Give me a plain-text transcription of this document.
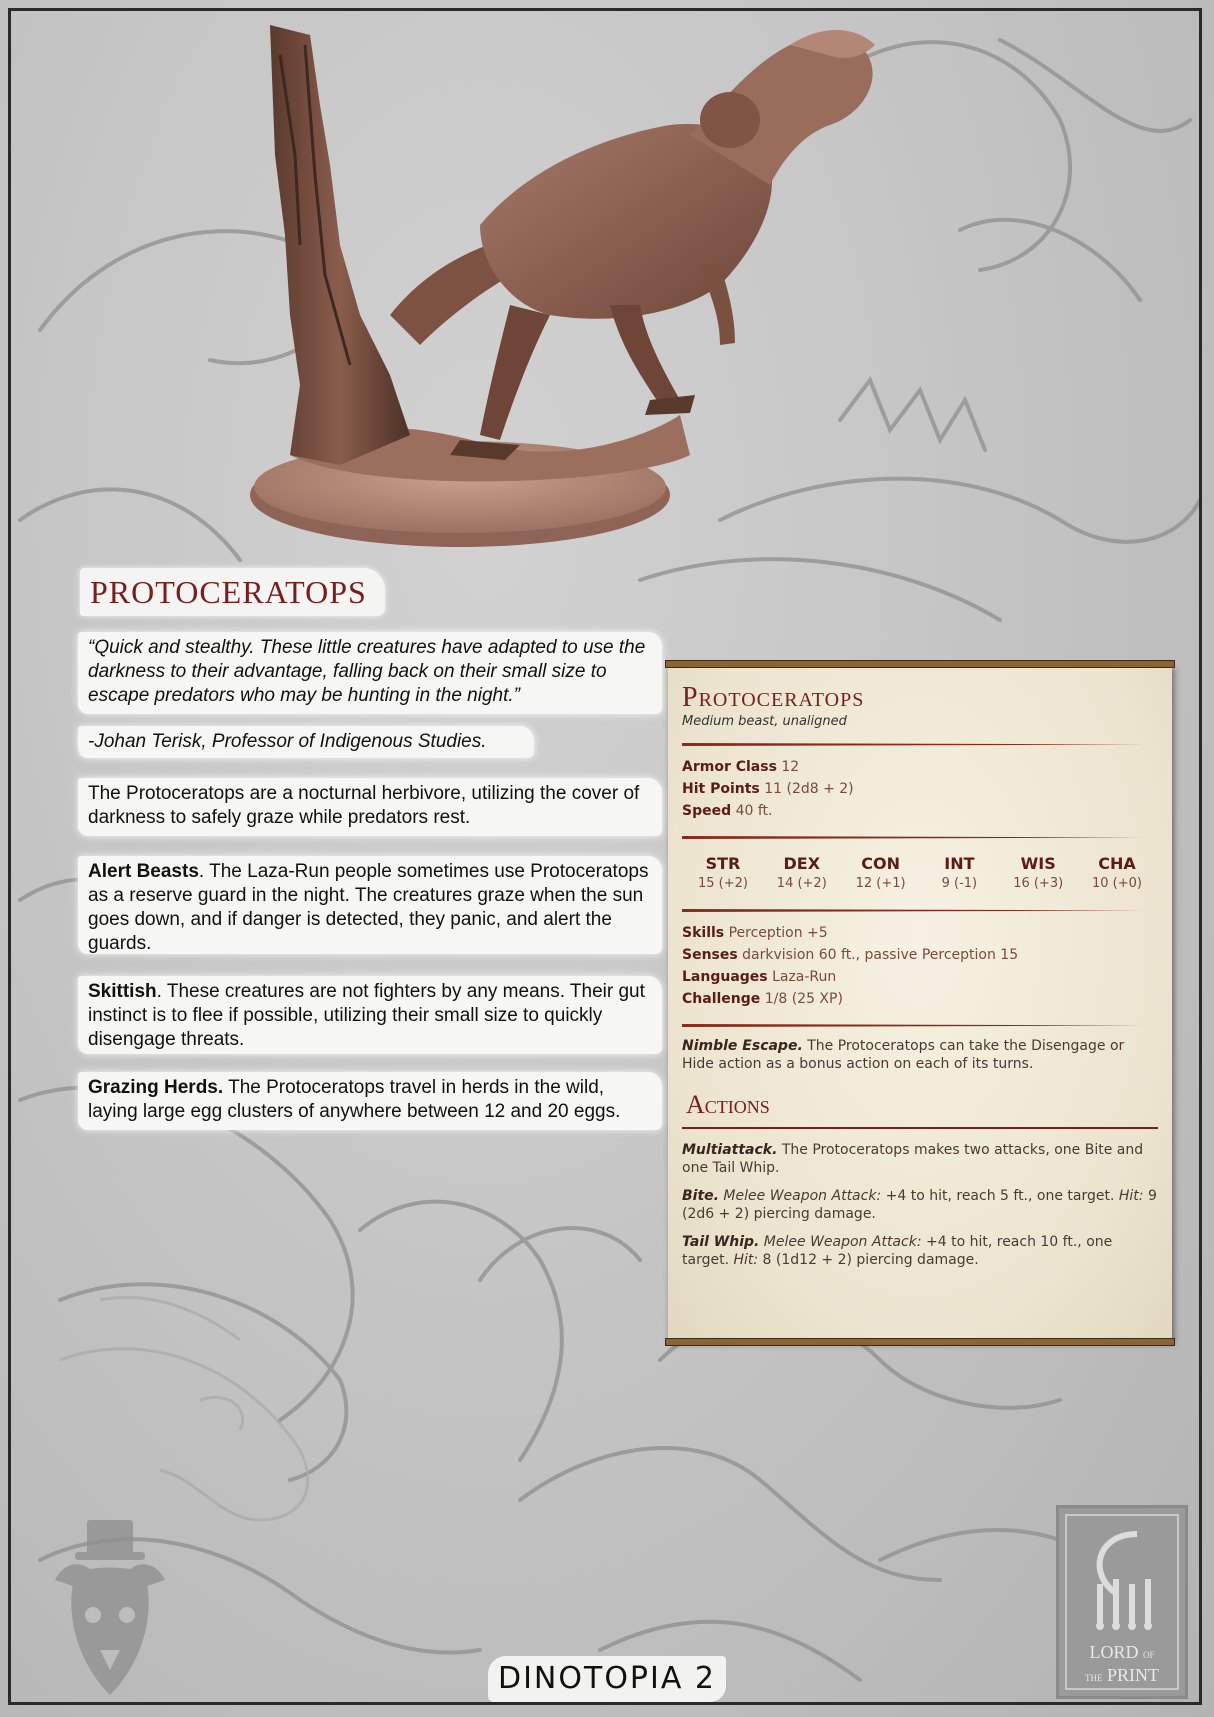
PROTOCERATOPS
“Quick and stealthy. These little creatures have adapted to use the darkness to their advantage, falling back on their small size to escape predators who may be hunting in the night.”
-Johan Terisk, Professor of Indigenous Studies.
The Protoceratops are a nocturnal herbivore, utilizing the cover of darkness to safely graze while predators rest.
Alert Beasts. The Laza-Run people sometimes use Protoceratops as a reserve guard in the night. The creatures graze when the sun goes down, and if danger is detected, they panic, and alert the guards.
Skittish. These creatures are not fighters by any means. Their gut instinct is to flee if possible, utilizing their small size to quickly disengage threats.
Grazing Herds. The Protoceratops travel in herds in the wild, laying large egg clusters of anywhere between 12 and 20 eggs.
Protoceratops
Medium beast, unaligned
Armor Class 12
Hit Points 11 (2d8 + 2)
Speed 40 ft.
STR
15 (+2)
DEX
14 (+2)
CON
12 (+1)
INT
9 (-1)
WIS
16 (+3)
CHA
10 (+0)
Skills Perception +5
Senses darkvision 60 ft., passive Perception 15
Languages Laza-Run
Challenge 1/8 (25 XP)
Nimble Escape. The Protoceratops can take the Disengage or Hide action as a bonus action on each of its turns.
Actions
Multiattack. The Protoceratops makes two attacks, one Bite and one Tail Whip.
Bite. Melee Weapon Attack: +4 to hit, reach 5 ft., one target. Hit: 9 (2d6 + 2) piercing damage.
Tail Whip. Melee Weapon Attack: +4 to hit, reach 10 ft., one target. Hit: 8 (1d12 + 2) piercing damage.
LORD OF
THE PRINT
DINOTOPIA 2
